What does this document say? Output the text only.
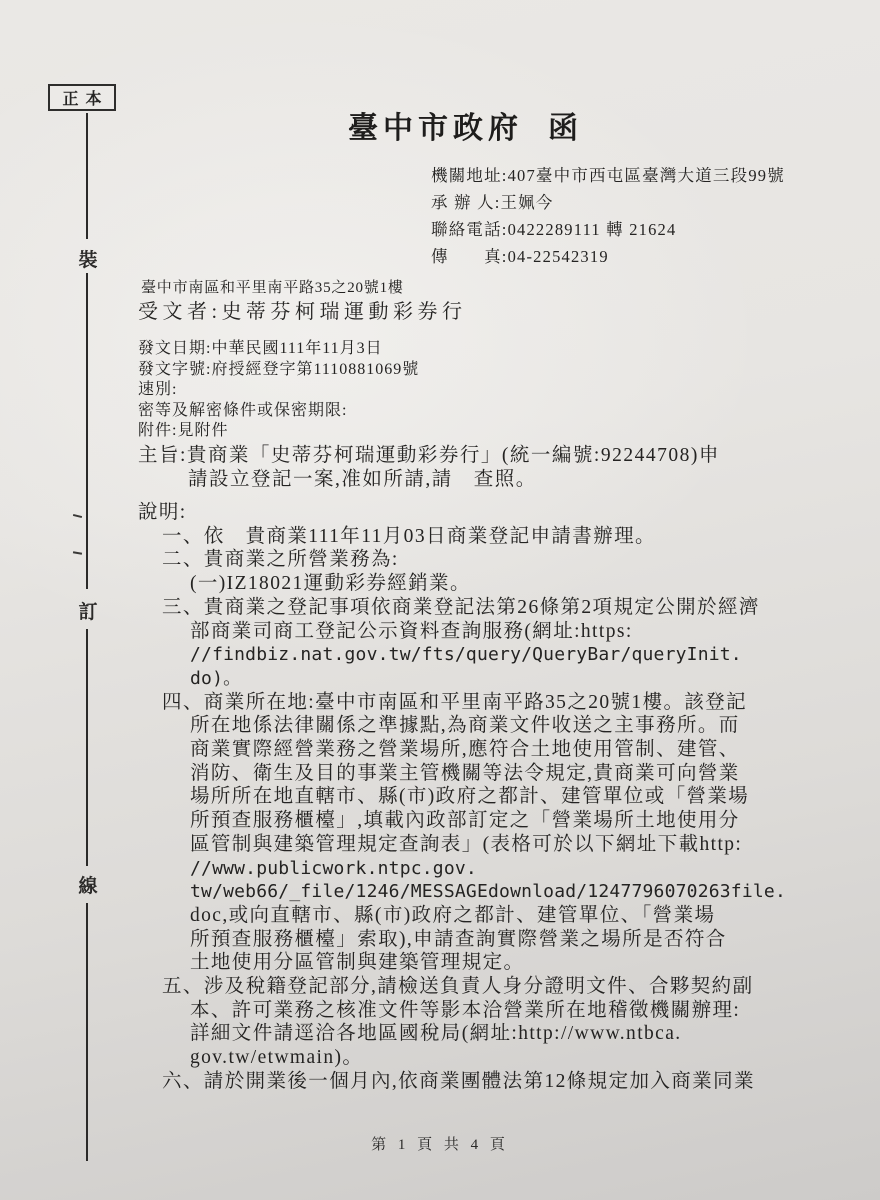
正本
裝
訂
線
臺中市政府  函
機關地址:407臺中市西屯區臺灣大道三段99號
承 辦 人:王姵今
聯絡電話:0422289111 轉 21624
傳　　真:04-22542319
臺中市南區和平里南平路35之20號1樓
受文者:史蒂芬柯瑞運動彩券行
發文日期:中華民國111年11月3日
發文字號:府授經登字第1110881069號
速別:
密等及解密條件或保密期限:
附件:見附件
主旨:貴商業「史蒂芬柯瑞運動彩券行」(統一編號:92244708)申
請設立登記一案,准如所請,請　查照。
說明:
一、依　貴商業111年11月03日商業登記申請書辦理。
二、貴商業之所營業務為:
(一)IZ18021運動彩券經銷業。
三、貴商業之登記事項依商業登記法第26條第2項規定公開於經濟
部商業司商工登記公示資料查詢服務(網址:https:
//findbiz.nat.gov.tw/fts/query/QueryBar/queryInit.
do)。
四、商業所在地:臺中市南區和平里南平路35之20號1樓。該登記
所在地係法律關係之準據點,為商業文件收送之主事務所。而
商業實際經營業務之營業場所,應符合土地使用管制、建管、
消防、衛生及目的事業主管機關等法令規定,貴商業可向營業
場所所在地直轄市、縣(市)政府之都計、建管單位或「營業場
所預查服務櫃檯」,填載內政部訂定之「營業場所土地使用分
區管制與建築管理規定查詢表」(表格可於以下網址下載http:
//www.publicwork.ntpc.gov.
tw/web66/_file/1246/MESSAGEdownload/1247796070263file.
doc,或向直轄市、縣(市)政府之都計、建管單位、「營業場
所預查服務櫃檯」索取),申請查詢實際營業之場所是否符合
土地使用分區管制與建築管理規定。
五、涉及稅籍登記部分,請檢送負責人身分證明文件、合夥契約副
本、許可業務之核准文件等影本洽營業所在地稽徵機關辦理:
詳細文件請逕洽各地區國稅局(網址:http://www.ntbca.
gov.tw/etwmain)。
六、請於開業後一個月內,依商業團體法第12條規定加入商業同業
第 1 頁 共 4 頁
